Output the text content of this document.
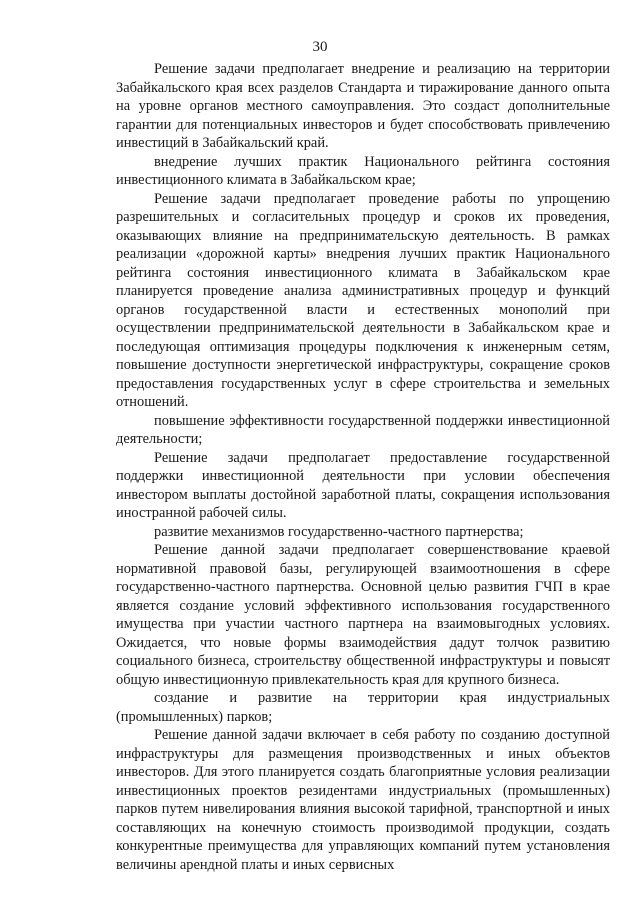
30

Решение задачи предполагает внедрение и реализацию на территории Забайкальского края всех разделов Стандарта и тиражирование данного опыта на уровне органов местного самоуправления. Это создаст дополнительные гарантии для потенциальных инвесторов и будет способствовать привлечению инвестиций в Забайкальский край.

внедрение лучших практик Национального рейтинга состояния инвестиционного климата в Забайкальском крае;

Решение задачи предполагает проведение работы по упрощению разрешительных и согласительных процедур и сроков их проведения, оказывающих влияние на предпринимательскую деятельность. В рамках реализации «дорожной карты» внедрения лучших практик Национального рейтинга состояния инвестиционного климата в Забайкальском крае планируется проведение анализа административных процедур и функций органов государственной власти и естественных монополий при осуществлении предпринимательской деятельности в Забайкальском крае и последующая оптимизация процедуры подключения к инженерным сетям, повышение доступности энергетической инфраструктуры, сокращение сроков предоставления государственных услуг в сфере строительства и земельных отношений.

повышение эффективности государственной поддержки инвестиционной деятельности;

Решение задачи предполагает предоставление государственной поддержки инвестиционной деятельности при условии обеспечения инвестором выплаты достойной заработной платы, сокращения использования иностранной рабочей силы.

развитие механизмов государственно-частного партнерства;

Решение данной задачи предполагает совершенствование краевой нормативной правовой базы, регулирующей взаимоотношения в сфере государственно-частного партнерства. Основной целью развития ГЧП в крае является создание условий эффективного использования государственного имущества при участии частного партнера на взаимовыгодных условиях. Ожидается, что новые формы взаимодействия дадут толчок развитию социального бизнеса, строительству общественной инфраструктуры и повысят общую инвестиционную привлекательность края для крупного бизнеса.

создание и развитие на территории края индустриальных (промышленных) парков;

Решение данной задачи включает в себя работу по созданию доступной инфраструктуры для размещения производственных и иных объектов инвесторов. Для этого планируется создать благоприятные условия реализации инвестиционных проектов резидентами индустриальных (промышленных) парков путем нивелирования влияния высокой тарифной, транспортной и иных составляющих на конечную стоимость производимой продукции, создать конкурентные преимущества для управляющих компаний путем установления величины арендной платы и иных сервисных
